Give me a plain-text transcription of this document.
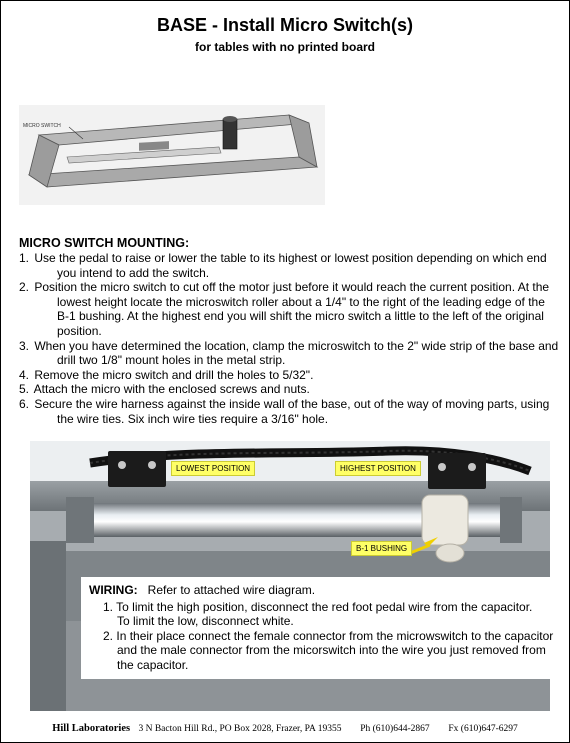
BASE - Install Micro Switch(s)
for tables with no printed board
MICRO SWITCH
MICRO SWITCH MOUNTING:
1. Use the pedal to raise or lower the table to its highest or lowest position depending on which end you intend to add the switch.
2. Position the micro switch to cut off the motor just before it would reach the current position. At the lowest height locate the microswitch roller about a 1/4" to the right of the leading edge of the B-1 bushing. At the highest end you will shift the micro switch a little to the left of the original position.
3. When you have determined the location, clamp the microswitch to the 2" wide strip of the base and drill two 1/8" mount holes in the metal strip.
4. Remove the micro switch and drill the holes to 5/32".
5. Attach the micro with the enclosed screws and nuts.
6. Secure the wire harness against the inside wall of the base, out of the way of moving parts, using the wire ties. Six inch wire ties require a 3/16" hole.
LOWEST POSITION	HIGHEST POSITION
B-1 BUSHING
WIRING: Refer to attached wire diagram.
1. To limit the high position, disconnect the red foot pedal wire from the capacitor.
To limit the low, disconnect white.
2. In their place connect the female connector from the microwswitch to the capacitor and the male connector from the micorswitch into the wire you just removed from the capacitor.
Hill Laboratories 3 N Bacton Hill Rd., PO Box 2028, Frazer, PA 19355 Ph (610)644-2867 Fx (610)647-6297
